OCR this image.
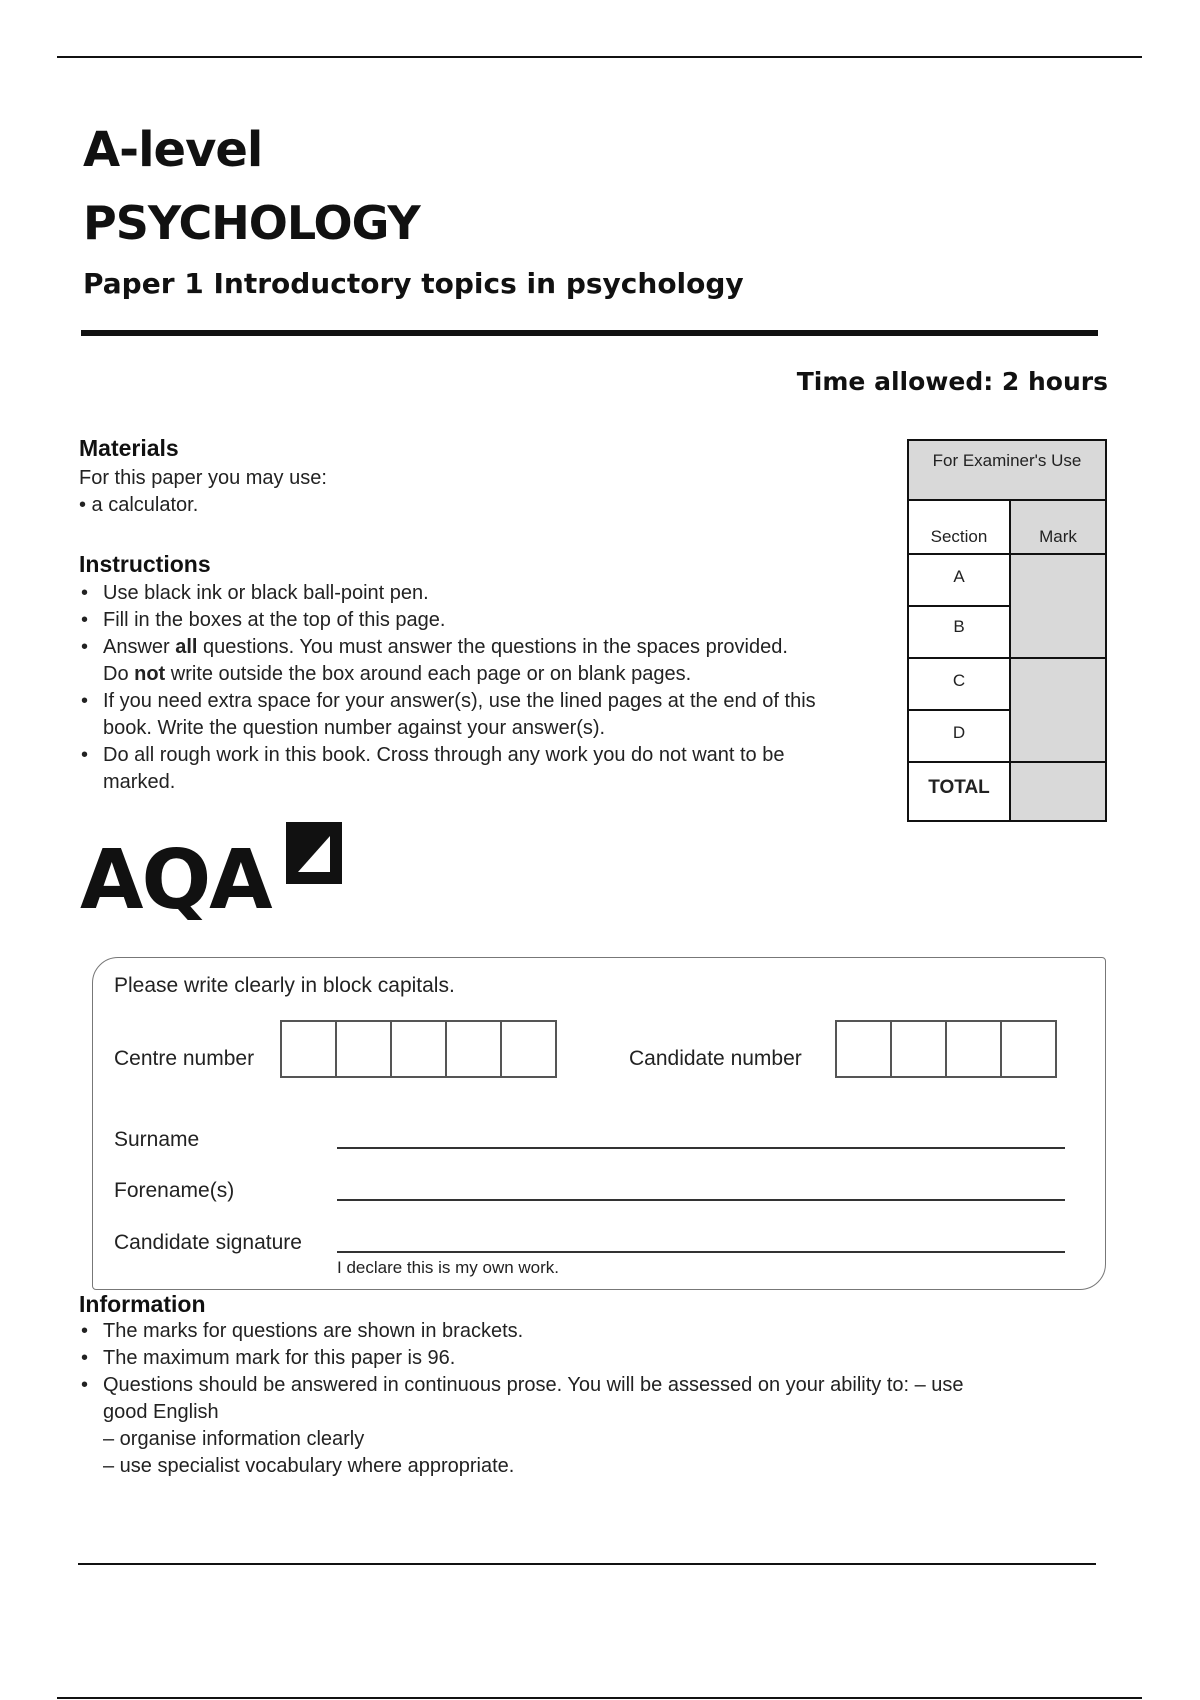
A-level
PSYCHOLOGY
Paper 1 Introductory topics in psychology
Time allowed: 2 hours
Materials
For this paper you may use:
• a calculator.
Instructions
• Use black ink or black ball-point pen.
• Fill in the boxes at the top of this page.
• Answer all questions. You must answer the questions in the spaces provided.
Do not write outside the box around each page or on blank pages.
• If you need extra space for your answer(s), use the lined pages at the end of this
book. Write the question number against your answer(s).
• Do all rough work in this book. Cross through any work you do not want to be
marked.
AQA
For Examiner's Use
Section	Mark
A
B
C
D
TOTAL
Please write clearly in block capitals.
Centre number	Candidate number
Surname
Forename(s)
Candidate signature
I declare this is my own work.
Information
• The marks for questions are shown in brackets.
• The maximum mark for this paper is 96.
• Questions should be answered in continuous prose. You will be assessed on your ability to: – use
good English
– organise information clearly
– use specialist vocabulary where appropriate.
